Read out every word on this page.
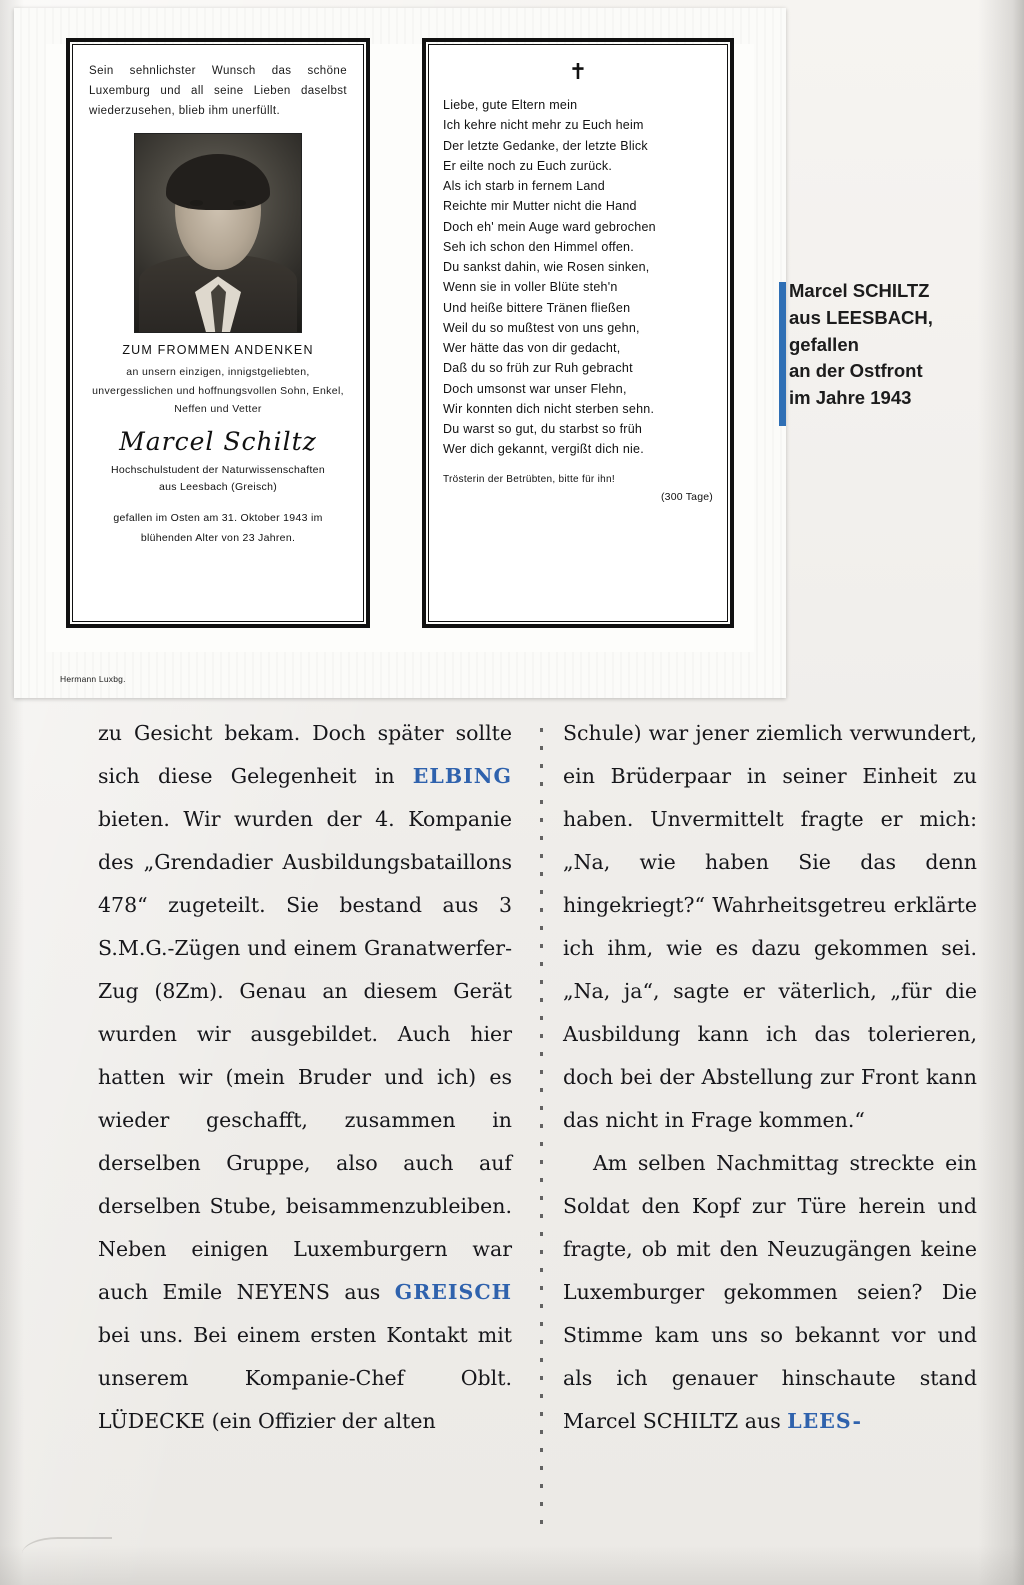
Sein sehnlichster Wunsch das schöne Luxemburg und all seine Lieben daselbst wiederzusehen, blieb ihm unerfüllt.
ZUM FROMMEN ANDENKEN
an unsern einzigen, innigstgeliebten, unvergesslichen und hoffnungsvollen Sohn, Enkel, Neffen und Vetter
Marcel Schiltz
Hochschulstudent der Naturwissenschaften
aus Leesbach (Greisch)
gefallen im Osten am 31. Oktober 1943 im
blühenden Alter von 23 Jahren.
✝
Liebe, gute Eltern mein
Ich kehre nicht mehr zu Euch heim
Der letzte Gedanke, der letzte Blick
Er eilte noch zu Euch zurück.
Als ich starb in fernem Land
Reichte mir Mutter nicht die Hand
Doch eh' mein Auge ward gebrochen
Seh ich schon den Himmel offen.
Du sankst dahin, wie Rosen sinken,
Wenn sie in voller Blüte steh'n
Und heiße bittere Tränen fließen
Weil du so mußtest von uns gehn,
Wer hätte das von dir gedacht,
Daß du so früh zur Ruh gebracht
Doch umsonst war unser Flehn,
Wir konnten dich nicht sterben sehn.
Du warst so gut, du starbst so früh
Wer dich gekannt, vergißt dich nie.
Trösterin der Betrübten, bitte für ihn!
(300 Tage)
Hermann Luxbg.
Marcel SCHILTZ
aus LEESBACH,
gefallen
an der Ostfront
im Jahre 1943

zu Gesicht bekam. Doch später sollte sich diese Gelegenheit in ELBING bieten. Wir wurden der 4. Kompanie des „Grendadier Ausbildungsbataillons 478“ zugeteilt. Sie bestand aus 3 S.M.G.-Zügen und einem Granatwerfer-Zug (8Zm). Genau an diesem Gerät wurden wir ausgebildet. Auch hier hatten wir (mein Bruder und ich) es wieder geschafft, zusammen in derselben Gruppe, also auch auf derselben Stube, beisammenzubleiben. Neben einigen Luxemburgern war auch Emile NEYENS aus GREISCH bei uns. Bei einem ersten Kontakt mit unserem Kompanie-Chef Oblt. LÜDECKE (ein Offizier der alten

Schule) war jener ziemlich verwundert, ein Brüderpaar in seiner Einheit zu haben. Unvermittelt fragte er mich: „Na, wie haben Sie das denn hingekriegt?“ Wahrheitsgetreu erklärte ich ihm, wie es dazu gekommen sei. „Na, ja“, sagte er väterlich, „für die Ausbildung kann ich das tolerieren, doch bei der Abstellung zur Front kann das nicht in Frage kommen.“

Am selben Nachmittag streckte ein Soldat den Kopf zur Türe herein und fragte, ob mit den Neuzugängen keine Luxemburger gekommen seien? Die Stimme kam uns so bekannt vor und als ich genauer hinschaute stand Marcel SCHILTZ aus LEES-
